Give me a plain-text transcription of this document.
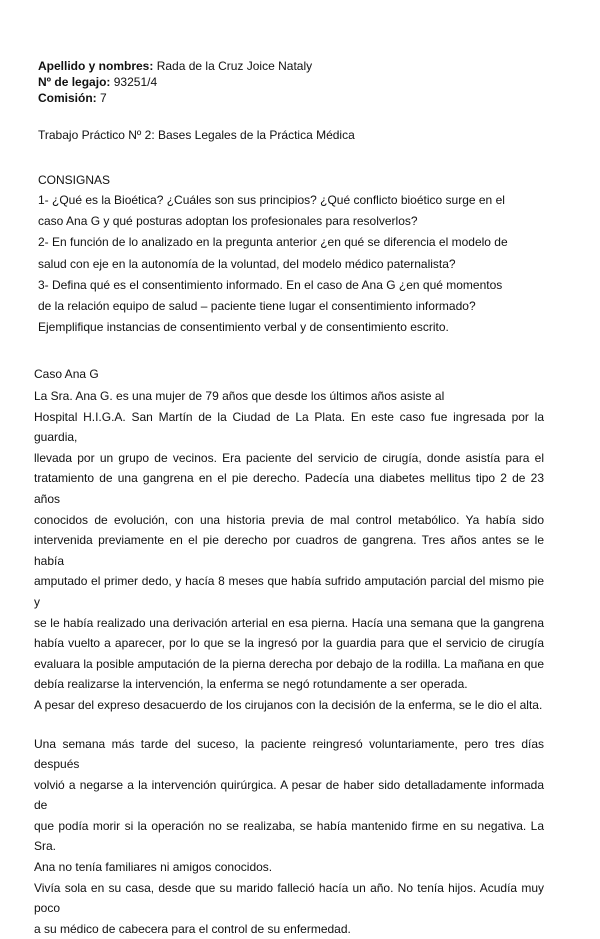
Apellido y nombres: Rada de la Cruz Joice Nataly
Nº de legajo: 93251/4
Comisión: 7
Trabajo Práctico Nº 2: Bases Legales de la Práctica Médica
CONSIGNAS
1- ¿Qué es la Bioética? ¿Cuáles son sus principios? ¿Qué conflicto bioético surge en el
caso Ana G y qué posturas adoptan los profesionales para resolverlos?
2- En función de lo analizado en la pregunta anterior ¿en qué se diferencia el modelo de
salud con eje en la autonomía de la voluntad, del modelo médico paternalista?
3- Defina qué es el consentimiento informado. En el caso de Ana G ¿en qué momentos
de la relación equipo de salud – paciente tiene lugar el consentimiento informado?
Ejemplifique instancias de consentimiento verbal y de consentimiento escrito.
Caso Ana G
La Sra. Ana G. es una mujer de 79 años que desde los últimos años asiste al
Hospital H.I.G.A. San Martín de la Ciudad de La Plata. En este caso fue ingresada por la guardia,
llevada por un grupo de vecinos. Era paciente del servicio de cirugía, donde asistía para el
tratamiento de una gangrena en el pie derecho. Padecía una diabetes mellitus tipo 2 de 23 años
conocidos de evolución, con una historia previa de mal control metabólico. Ya había sido
intervenida previamente en el pie derecho por cuadros de gangrena. Tres años antes se le había
amputado el primer dedo, y hacía 8 meses que había sufrido amputación parcial del mismo pie y
se le había realizado una derivación arterial en esa pierna. Hacía una semana que la gangrena
había vuelto a aparecer, por lo que se la ingresó por la guardia para que el servicio de cirugía
evaluara la posible amputación de la pierna derecha por debajo de la rodilla. La mañana en que
debía realizarse la intervención, la enferma se negó rotundamente a ser operada.
A pesar del expreso desacuerdo de los cirujanos con la decisión de la enferma, se le dio el alta.
Una semana más tarde del suceso, la paciente reingresó voluntariamente, pero tres días después
volvió a negarse a la intervención quirúrgica. A pesar de haber sido detalladamente informada de
que podía morir si la operación no se realizaba, se había mantenido firme en su negativa. La Sra.
Ana no tenía familiares ni amigos conocidos.
Vivía sola en su casa, desde que su marido falleció hacía un año. No tenía hijos. Acudía muy poco
a su médico de cabecera para el control de su enfermedad.
